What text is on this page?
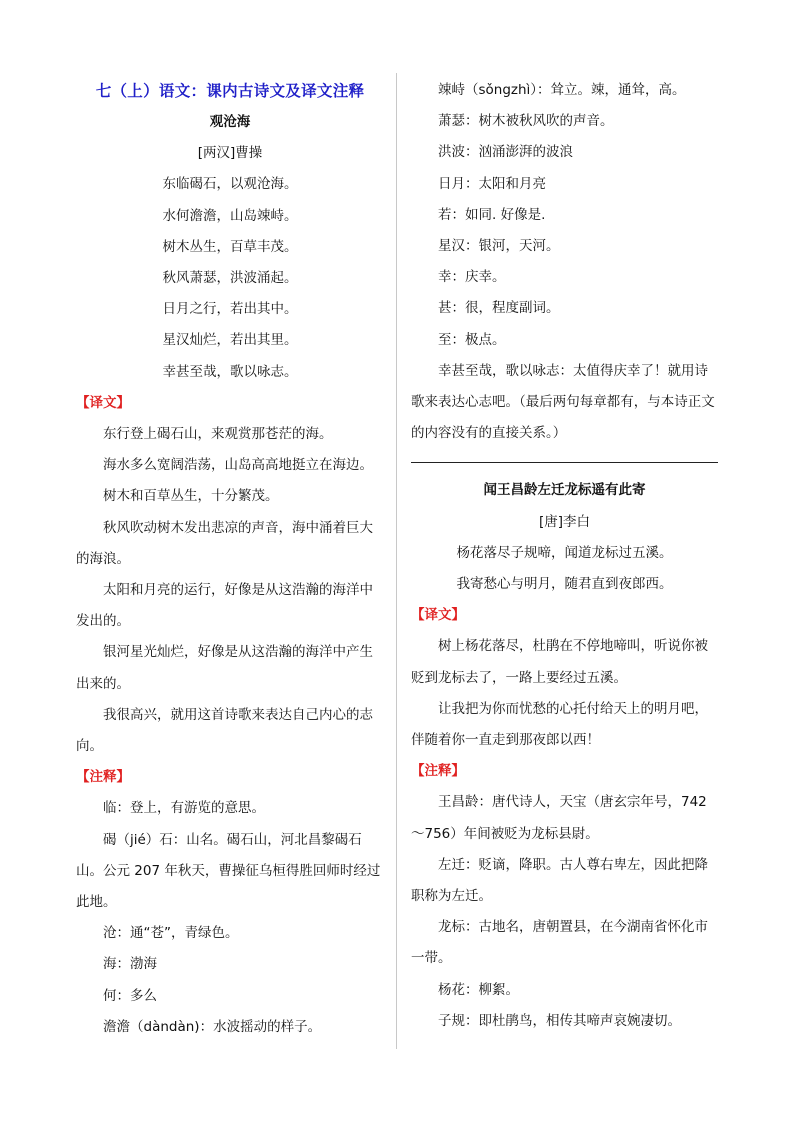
七（上）语文：课内古诗文及译文注释

观沧海

[两汉]曹操

东临碣石，以观沧海。

水何澹澹，山岛竦峙。

树木丛生，百草丰茂。

秋风萧瑟，洪波涌起。

日月之行，若出其中。

星汉灿烂，若出其里。

幸甚至哉，歌以咏志。

【译文】

东行登上碣石山，来观赏那苍茫的海。

海水多么宽阔浩荡，山岛高高地挺立在海边。

树木和百草丛生，十分繁茂。

秋风吹动树木发出悲凉的声音，海中涌着巨大的海浪。

太阳和月亮的运行，好像是从这浩瀚的海洋中发出的。

银河星光灿烂，好像是从这浩瀚的海洋中产生出来的。

我很高兴，就用这首诗歌来表达自己内心的志向。

【注释】

临：登上，有游览的意思。

碣（jié）石：山名。碣石山，河北昌黎碣石山。公元 207 年秋天，曹操征乌桓得胜回师时经过此地。

沧：通“苍”，青绿色。

海：渤海

何：多么

澹澹（dàndàn)：水波摇动的样子。

竦峙（sǒngzhì）：耸立。竦，通耸，高。

萧瑟：树木被秋风吹的声音。

洪波：汹涌澎湃的波浪

日月：太阳和月亮

若：如同. 好像是.

星汉：银河，天河。

幸：庆幸。

甚：很，程度副词。

至：极点。

幸甚至哉，歌以咏志：太值得庆幸了！就用诗歌来表达心志吧。（最后两句每章都有，与本诗正文的内容没有的直接关系。）

闻王昌龄左迁龙标遥有此寄

[唐]李白

杨花落尽子规啼，闻道龙标过五溪。

我寄愁心与明月，随君直到夜郎西。

【译文】

树上杨花落尽，杜鹃在不停地啼叫，听说你被贬到龙标去了，一路上要经过五溪。

让我把为你而忧愁的心托付给天上的明月吧，伴随着你一直走到那夜郎以西！

【注释】

王昌龄：唐代诗人，天宝（唐玄宗年号，742～756）年间被贬为龙标县尉。

左迁：贬谪，降职。古人尊右卑左，因此把降职称为左迁。

龙标：古地名，唐朝置县，在今湖南省怀化市一带。

杨花：柳絮。

子规：即杜鹃鸟，相传其啼声哀婉凄切。
